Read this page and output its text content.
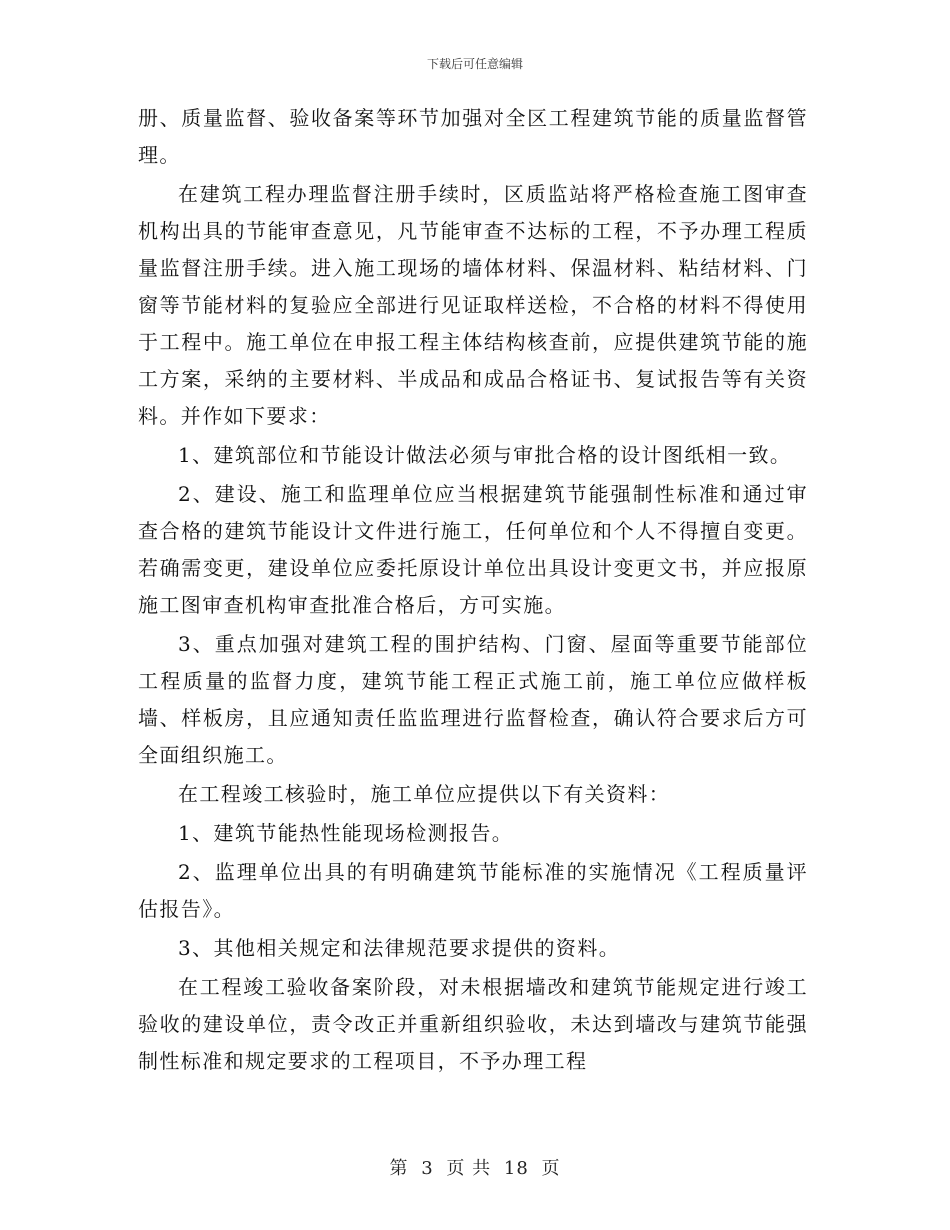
下载后可任意编辑

册、质量监督、验收备案等环节加强对全区工程建筑节能的质量监督管理。

在建筑工程办理监督注册手续时，区质监站将严格检查施工图审查机构出具的节能审查意见，凡节能审查不达标的工程，不予办理工程质量监督注册手续。进入施工现场的墙体材料、保温材料、粘结材料、门窗等节能材料的复验应全部进行见证取样送检，不合格的材料不得使用于工程中。施工单位在申报工程主体结构核查前，应提供建筑节能的施工方案，采纳的主要材料、半成品和成品合格证书、复试报告等有关资料。并作如下要求：

1、建筑部位和节能设计做法必须与审批合格的设计图纸相一致。

2、建设、施工和监理单位应当根据建筑节能强制性标准和通过审查合格的建筑节能设计文件进行施工，任何单位和个人不得擅自变更。若确需变更，建设单位应委托原设计单位出具设计变更文书，并应报原施工图审查机构审查批准合格后，方可实施。

3、重点加强对建筑工程的围护结构、门窗、屋面等重要节能部位工程质量的监督力度，建筑节能工程正式施工前，施工单位应做样板墙、样板房，且应通知责任监监理进行监督检查，确认符合要求后方可全面组织施工。

在工程竣工核验时，施工单位应提供以下有关资料：

1、建筑节能热性能现场检测报告。

2、监理单位出具的有明确建筑节能标准的实施情况《工程质量评估报告》。

3、其他相关规定和法律规范要求提供的资料。

在工程竣工验收备案阶段，对未根据墙改和建筑节能规定进行竣工验收的建设单位，责令改正并重新组织验收，未达到墙改与建筑节能强制性标准和规定要求的工程项目，不予办理工程

第 3 页 共 18 页
